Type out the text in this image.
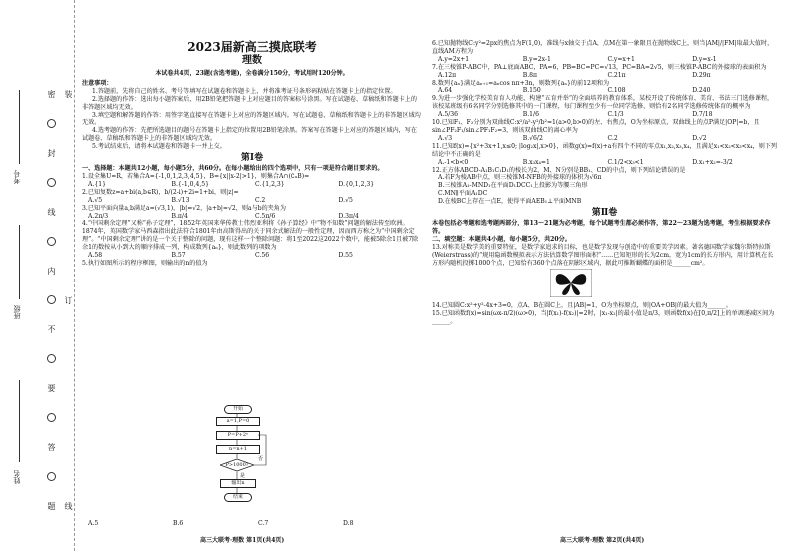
密
封
线
内
不
要
答
题
装
订
线
姓名
班级
考号
2023届新高三摸底联考
理数
本试卷共4页，23题(含选考题)，全卷满分150分，考试用时120分钟。
注意事项：

1.答题前，先将自己的姓名、考号等填写在试题卷和答题卡上，并将准考证号条形码粘贴在答题卡上的指定位置。

2.选择题的作答：选出每小题答案后，用2B铅笔把答题卡上对应题目的答案标号涂黑。写在试题卷、草稿纸和答题卡上的非答题区域均无效。

3.填空题和解答题的作答：用签字笔直接写在答题卡上对应的答题区域内。写在试题卷、草稿纸和答题卡上的非答题区域均无效。

4.选考题的作答：先把所选题目的题号在答题卡上指定的位置用2B铅笔涂黑。答案写在答题卡上对应的答题区域内，写在试题卷、草稿纸和答题卡上的非答题区域均无效。

5.考试结束后，请将本试题卷和答题卡一并上交。

第Ⅰ卷
一、选择题：本题共12小题，每小题5分，共60分。在每小题给出的四个选项中，只有一项是符合题目要求的。
1.设全集U=R，若集合A={-1,0,1,2,3,4,5}，B={x||x-2|>1}，则集合A∩(∁ᵤB)=
A.{1}	B.{-1,0,4,5}	C.{1,2,3}	D.{0,1,2,3}
2.已知复数z=a+bi(a,b∈R)，b/(2-i)+2i=1+bi，则|z|=
A.√5	B.√13	C.2	D.√5
3.已知平面向量a,b满足a=(√3,1)，|b|=√2，|a+b|=√2，则a与b的夹角为
A.2π/3	B.π/4	C.5π/6	D.3π/4
4.“中国剩余定理”又称“孙子定理”，1852年英国来华传教士伟烈亚利将《孙子算经》中“物不知数”问题的解法传至欧洲。1874年，英国数学家马西森指出此法符合1801年由高斯得出的关于同余式解法的一般性定理，因而西方称之为“中国剩余定理”。“中国剩余定理”讲的是一个关于整除的问题，现有这样一个整除问题：将1至2022这2022个数中，能被5除余1且被7除余1的数按从小到大的顺序排成一列，构成数列{aₙ}，则此数列的项数为
A.58	B.57	C.56	D.55
5.执行如图所示的程序框图，则输出的n的值为
开始
a=1,P=0
P=P+2ⁿ
n=n+1
P>1000?
否
是
输出n
结束
A.5	B.6	C.7	D.8
6.已知抛物线C:y²=2px的焦点为F(1,0)，准线与x轴交于点A，点M在第一象限且在抛物线C上，则当|AM|/|FM|取最大值时，直线AM方程为
A.y=2x+1	B.y=2x-1	C.y=x+1	D.y=x-1
7.在三棱锥P-ABC中，PA⊥底面ABC，PA=6，PB=BC=PC=√13，PC=BA=2√5，则三棱锥P-ABC的外接球的表面积为
A.12π	B.8π	C.21π	D.29π
8.数列{aₙ}满足aₙ₊₁=aₙcos nπ+3n，则数列{aₙ}的前12项和为
A.64	B.150	C.108	D.240
9.为进一步强化学校美育育人功能，构建“五育并举”的全面培养的教育体系，某校开设了传统体育、美育、书法三门选修课程，该校某班级有6名同学分别选修其中的一门课程，每门课程至少有一位同学选修，则恰有2名同学选修传统体育的概率为
A.5/36	B.1/6	C.1/3	D.7/18
10.已知F₁、F₂分别为双曲线C:x²/a²-y²/b²=1(a>0,b>0)的左、右焦点，O为坐标原点，双曲线上的点P满足|OP|=b，且sin∠PF₂F₁/sin∠PF₁F₂=3，则该双曲线C的离心率为
A.√3	B.√6/2	C.2	D.√2
11.已知f(x)={x²+3x+1,x≤0; |log₂x|,x>0}，函数g(x)=f(x)+a有四个不同的零点x₁,x₂,x₃,x₄，且满足x₁<x₂<x₃<x₄，则下列结论中不正确的是
A.-1<b<0	B.x₃x₄=1	C.1/2<x₃<1	D.x₁+x₂=-3/2
12.正方体ABCD-A₁B₁C₁D₁的棱长为2，M、N分别是BB₁、CD的中点，则下列结论错误的是
A.若F为棱AB中点，则三棱锥M-NFB的外接球的体积为√6π
B.三棱锥A₁-MND₁在平面D₁DCC₁上投影为等腰三角形
C.MN∥平面A₁DC
D.在棱BC上存在一点E，使得平面AEB₁⊥平面MNB
第Ⅱ卷
本卷包括必考题和选考题两部分，第13～21题为必考题，每个试题考生都必须作答，第22～23题为选考题，考生根据要求作答。
二、填空题：本题共4小题，每小题5分，共20分。
13.对称美是数学美的重要特征，是数学家追求的目标，也是数学发现与创造中的重要美学因素。著名德国数学家魏尔斯特拉斯(Weierstrass)的“规用隐函数模拟表示方法估算数学图形面积”……已知矩形的长为2cm，宽为1cm的长方形内，用计算机在长方形内随机投掷1000个点，已知恰有360个点落在阴影区域内，据此可推断蝴蝶的面积是______cm²。
14.已知圆C:x²+y²-4x+3=0，点A、B在圆C上，且|AB|=1，O为坐标原点，则|OA+OB|的最大值为______。
15.已知函数f(x)=sin(ωx-π/2)(ω>0)，当|f(x₁)-f(x₂)|=2时，|x₁-x₂|的最小值是π/3，则函数f(x)在[0,π/2]上的单调递减区间为______。
高三大联考·理数 第1页(共4页)	高三大联考·理数 第2页(共4页)
